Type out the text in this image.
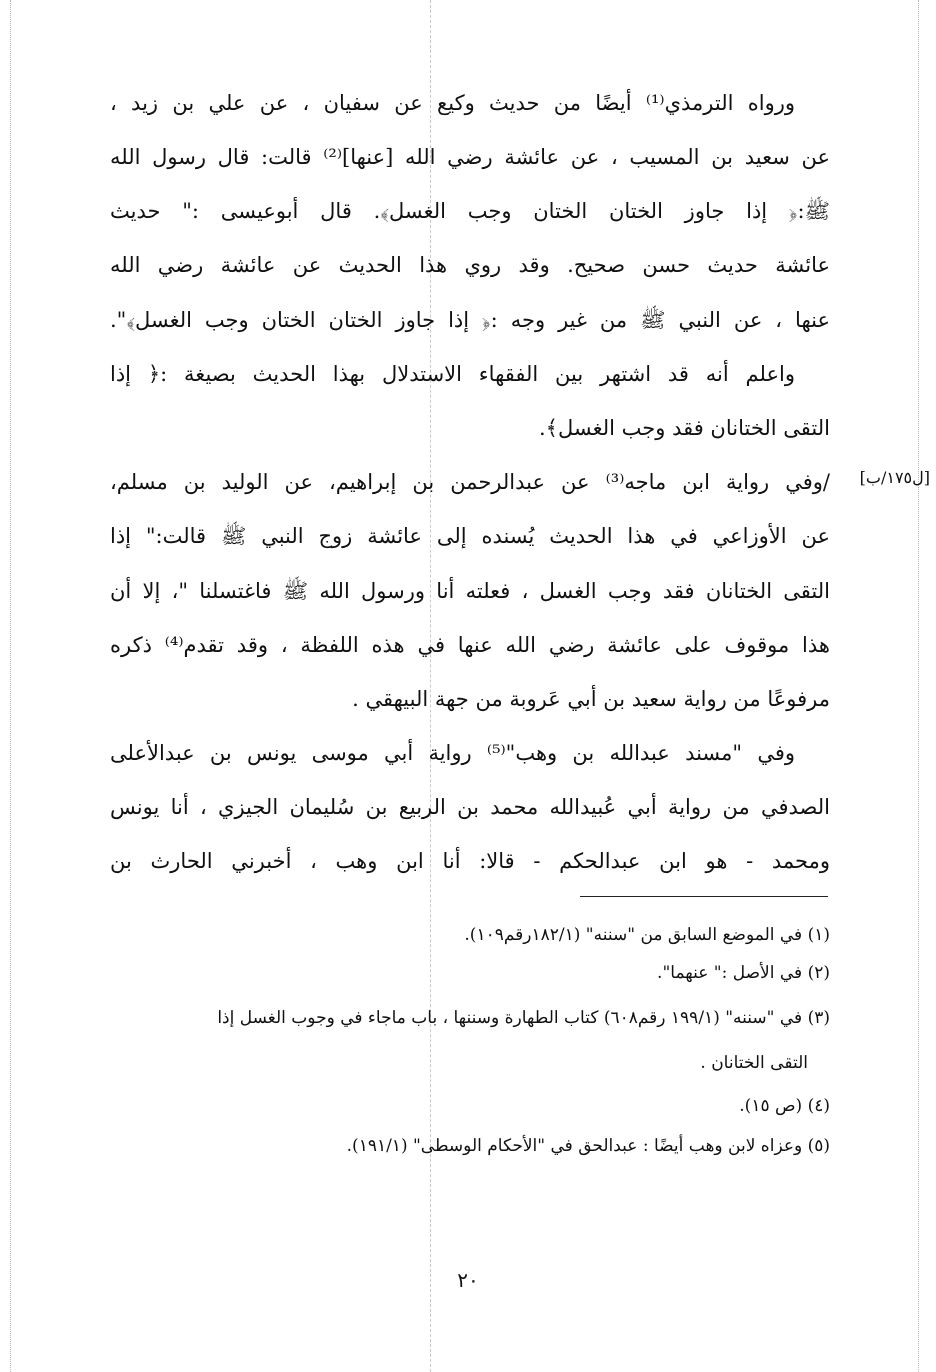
ورواه الترمذي⁽¹⁾ أيضًا من حديث وكيع عن سفيان ، عن علي بن زيد ،
عن سعيد بن المسيب ، عن عائشة رضي الله [عنها]⁽²⁾ قالت: قال رسول الله
ﷺ:﴿ إذا جاوز الختان الختان وجب الغسل﴾. قال أبوعيسى :" حديث
عائشة حديث حسن صحيح. وقد روي هذا الحديث عن عائشة رضي الله
عنها ، عن النبي ﷺ من غير وجه :﴿ إذا جاوز الختان الختان وجب الغسل﴾".
واعلم أنه قد اشتهر بين الفقهاء الاستدلال بهذا الحديث بصيغة :﴿ إذا
التقى الختانان فقد وجب الغسل﴾.
/وفي رواية ابن ماجه⁽³⁾ عن عبدالرحمن بن إبراهيم، عن الوليد بن مسلم،
عن الأوزاعي في هذا الحديث يُسنده إلى عائشة زوج النبي ﷺ قالت:" إذا
التقى الختانان فقد وجب الغسل ، فعلته أنا ورسول الله ﷺ فاغتسلنا "، إلا أن
هذا موقوف على عائشة رضي الله عنها في هذه اللفظة ، وقد تقدم⁽⁴⁾ ذكره
مرفوعًا من رواية سعيد بن أبي عَروبة من جهة البيهقي .
وفي "مسند عبدالله بن وهب"⁽⁵⁾ رواية أبي موسى يونس بن عبدالأعلى
الصدفي من رواية أبي عُبيدالله محمد بن الربيع بن سُليمان الجيزي ، أنا يونس
ومحمد - هو ابن عبدالحكم - قالا: أنا ابن وهب ، أخبرني الحارث بن
[ل١٧٥/ب]
(١) في الموضع السابق من "سننه" (١٨٢/١رقم١٠٩).
(٢) في الأصل :" عنهما".
(٣) في "سننه" (١٩٩/١ رقم٦٠٨) كتاب الطهارة وسننها ، باب ماجاء في وجوب الغسل إذا
التقى الختانان .
(٤) (ص ١٥).
(٥) وعزاه لابن وهب أيضًا : عبدالحق في "الأحكام الوسطى" (١٩١/١).
٢٠
